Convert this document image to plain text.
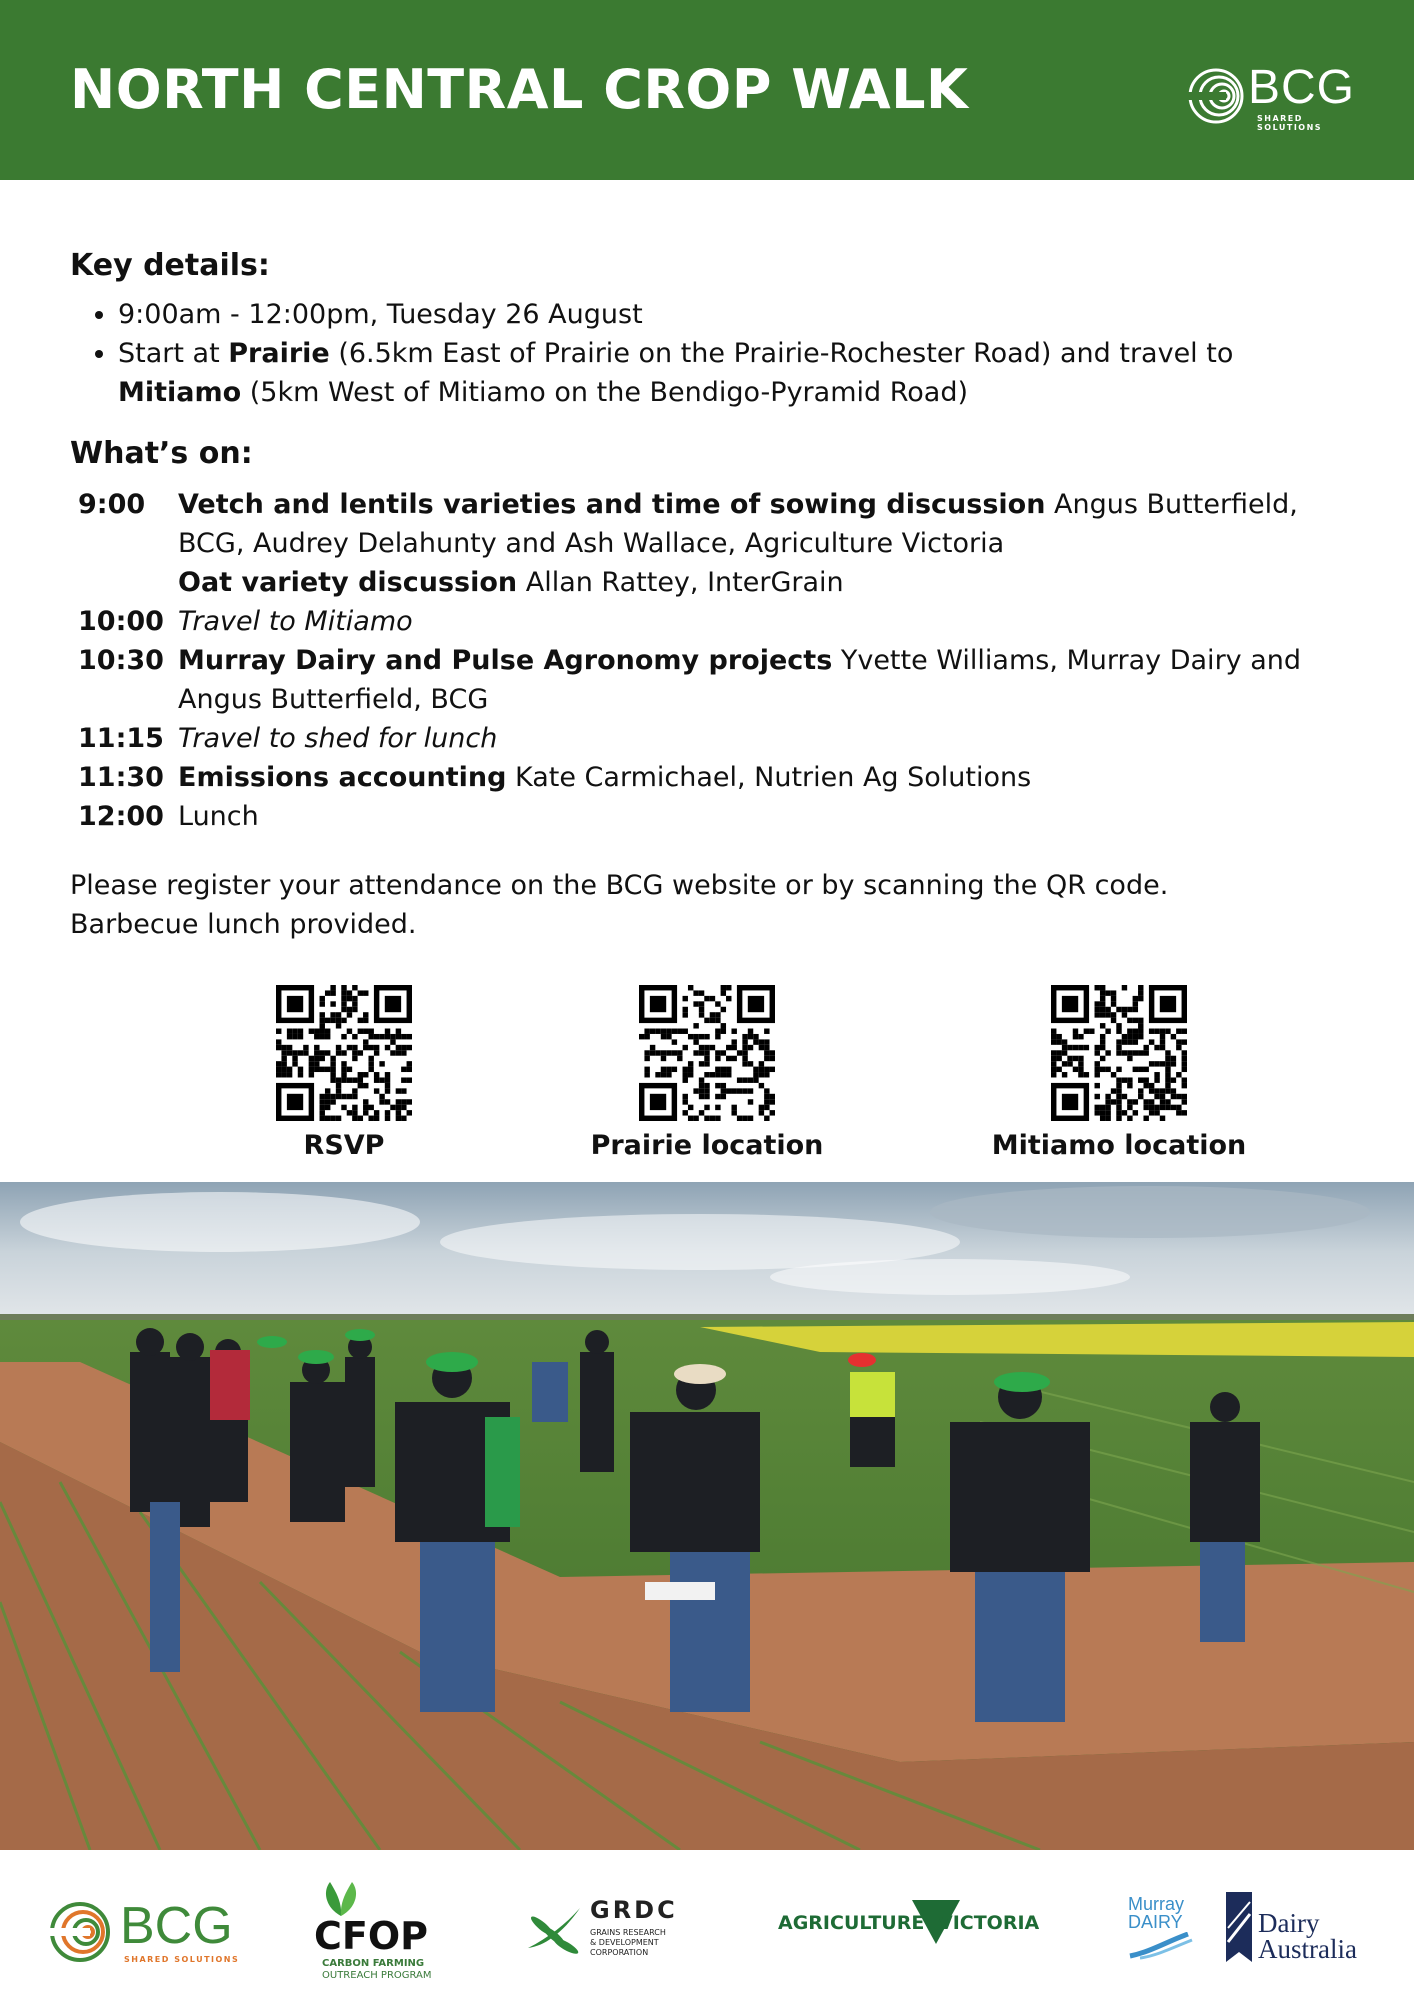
NORTH CENTRAL CROP WALK	BCG
SHARED SOLUTIONS
Key details:
• 9:00am - 12:00pm, Tuesday 26 August
• Start at Prairie (6.5km East of Prairie on the Prairie-Rochester Road) and travel to Mitiamo (5km West of Mitiamo on the Bendigo-Pyramid Road)
What’s on:
9:00	Vetch and lentils varieties and time of sowing discussion Angus Butterfield, BCG, Audrey Delahunty and Ash Wallace, Agriculture Victoria
Oat variety discussion Allan Rattey, InterGrain
10:00 Travel to Mitiamo
10:30 Murray Dairy and Pulse Agronomy projects Yvette Williams, Murray Dairy and Angus Butterfield, BCG
11:15 Travel to shed for lunch
11:30 Emissions accounting Kate Carmichael, Nutrien Ag Solutions
12:00 Lunch
Please register your attendance on the BCG website or by scanning the QR code.
Barbecue lunch provided.
RSVP	Prairie location	Mitiamo location
BCG
SHARED SOLUTIONS
CFOP
CARBON FARMING
OUTREACH PROGRAM
GRDC
GRAINS RESEARCH
& DEVELOPMENT
CORPORATION
AGRICULTURE VICTORIA
Murray
DAIRY	Dairy
Australia
